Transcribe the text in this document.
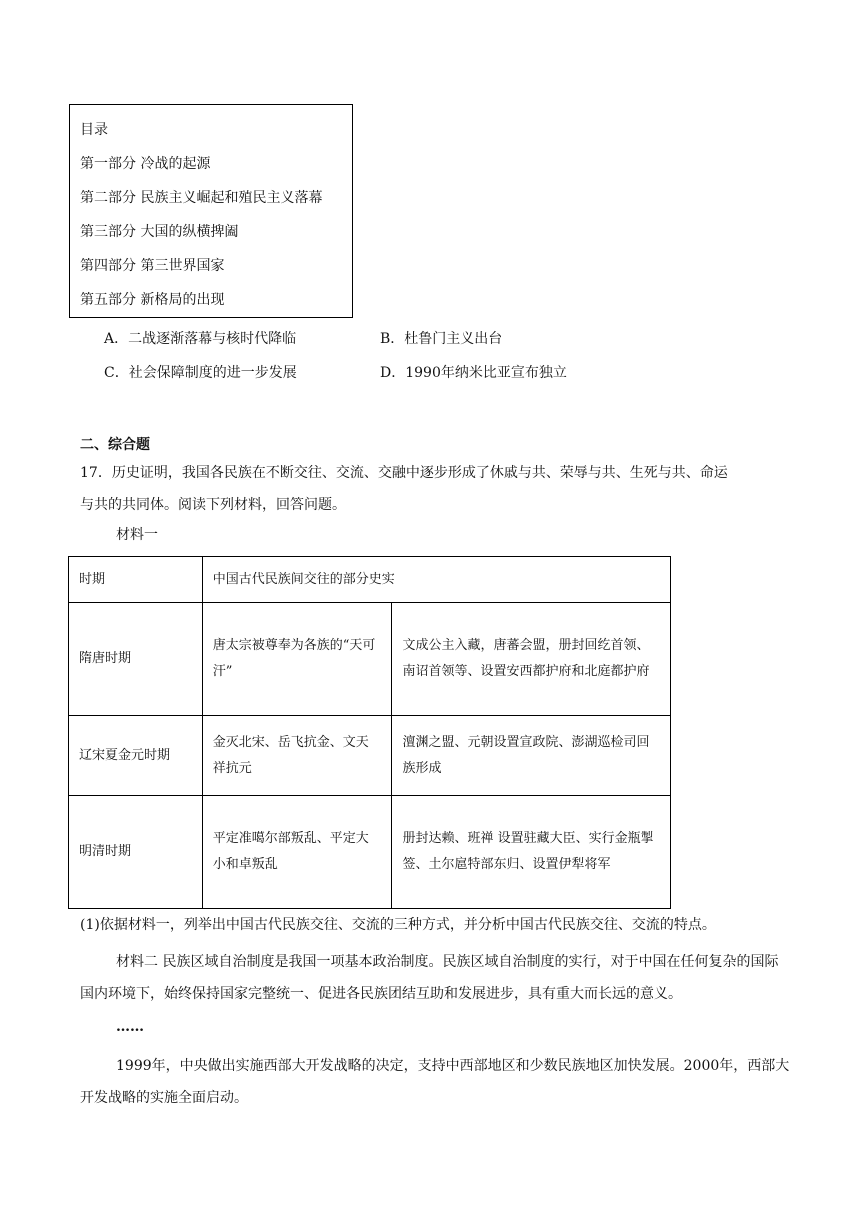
目录
第一部分 冷战的起源
第二部分 民族主义崛起和殖民主义落幕
第三部分 大国的纵横捭阖
第四部分 第三世界国家
第五部分 新格局的出现
A．二战逐渐落幕与核时代降临	B．杜鲁门主义出台
C．社会保障制度的进一步发展	D．1990年纳米比亚宣布独立
二、综合题
17．历史证明，我国各民族在不断交往、交流、交融中逐步形成了休戚与共、荣辱与共、生死与共、命运
与共的共同体。阅读下列材料，回答问题。
材料一
时期	中国古代民族间交往的部分史实	
隋唐时期	唐太宗被尊奉为各族的“天可汗”	文成公主入藏，唐蕃会盟，册封回纥首领、南诏首领等、设置安西都护府和北庭都护府
辽宋夏金元时期	金灭北宋、岳飞抗金、文天祥抗元	澶渊之盟、元朝设置宣政院、澎湖巡检司回族形成
明清时期	平定准噶尔部叛乱、平定大小和卓叛乱	册封达赖、班禅 设置驻藏大臣、实行金瓶掣签、土尔扈特部东归、设置伊犁将军
(1)依据材料一，列举出中国古代民族交往、交流的三种方式，并分析中国古代民族交往、交流的特点。
材料二 民族区域自治制度是我国一项基本政治制度。民族区域自治制度的实行，对于中国在任何复杂的国际国内环境下，始终保持国家完整统一、促进各民族团结互助和发展进步，具有重大而长远的意义。
……
1999年，中央做出实施西部大开发战略的决定，支持中西部地区和少数民族地区加快发展。2000年，西部大开发战略的实施全面启动。
